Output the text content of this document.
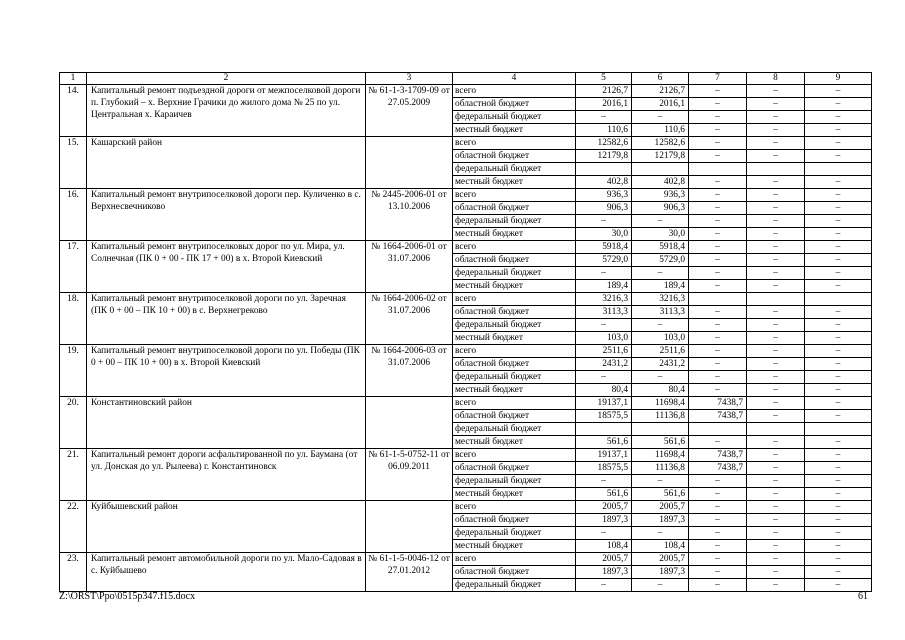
1	2	3	4	5	6	7	8	9
14.	Капитальный ремонт подъездной дороги от межпоселковой дороги п. Глубокий – х. Верхние Грачики до жилого дома № 25 по ул. Центральная х. Караичев	№ 61-1-3-1709-09 от 27.05.2009	всего	2126,7	2126,7	–	–	–
			областной бюджет	2016,1	2016,1	–	–	–
			федеральный бюджет	–	–	–	–	–
			местный бюджет	110,6	110,6	–	–	–
15.	Кашарский район		всего	12582,6	12582,6	–	–	–
			областной бюджет	12179,8	12179,8	–	–	–
			федеральный бюджет					
			местный бюджет	402,8	402,8	–	–	–
16.	Капитальный ремонт внутрипоселковой дороги пер. Куличенко в с. Верхнесвечниково	№ 2445-2006-01 от 13.10.2006	всего	936,3	936,3	–	–	–
			областной бюджет	906,3	906,3	–	–	–
			федеральный бюджет	–	–	–	–	–
			местный бюджет	30,0	30,0	–	–	–
17.	Капитальный ремонт внутрипоселковых дорог по ул. Мира, ул. Солнечная (ПК 0 + 00 - ПК 17 + 00) в х. Второй Киевский	№ 1664-2006-01 от 31.07.2006	всего	5918,4	5918,4	–	–	–
			областной бюджет	5729,0	5729,0	–	–	–
			федеральный бюджет	–	–	–	–	–
			местный бюджет	189,4	189,4	–	–	–
18.	Капитальный ремонт внутрипоселковой дороги по ул. Заречная (ПК 0 + 00 – ПК 10 + 00) в с. Верхнегреково	№ 1664-2006-02 от 31.07.2006	всего	3216,3	3216,3			
			областной бюджет	3113,3	3113,3	–	–	–
			федеральный бюджет	–	–	–	–	–
			местный бюджет	103,0	103,0	–	–	–
19.	Капитальный ремонт внутрипоселковой дороги по ул. Победы (ПК 0 + 00 – ПК 10 + 00) в х. Второй Киевский	№ 1664-2006-03 от 31.07.2006	всего	2511,6	2511,6	–	–	–
			областной бюджет	2431,2	2431,2	–	–	–
			федеральный бюджет	–	–	–	–	–
			местный бюджет	80,4	80,4	–	–	–
20.	Константиновский район		всего	19137,1	11698,4	7438,7	–	–
			областной бюджет	18575,5	11136,8	7438,7	–	–
			федеральный бюджет					
			местный бюджет	561,6	561,6	–	–	–
21.	Капитальный ремонт дороги асфальтированной по ул. Баумана (от ул. Донская до ул. Рылеева) г. Константиновск	№ 61-1-5-0752-11 от 06.09.2011	всего	19137,1	11698,4	7438,7	–	–
			областной бюджет	18575,5	11136,8	7438,7	–	–
			федеральный бюджет	–	–	–	–	–
			местный бюджет	561,6	561,6	–	–	–
22.	Куйбышевский район		всего	2005,7	2005,7	–	–	–
			областной бюджет	1897,3	1897,3	–	–	–
			федеральный бюджет	–	–	–	–	–
			местный бюджет	108,4	108,4	–	–	–
23.	Капитальный ремонт автомобильной дороги по ул. Мало-Садовая в с. Куйбышево	№ 61-1-5-0046-12 от 27.01.2012	всего	2005,7	2005,7	–	–	–
			областной бюджет	1897,3	1897,3	–	–	–
			федеральный бюджет	–	–	–	–	–
Z:\ORST\Ppo\0515p347.f15.docx	61
